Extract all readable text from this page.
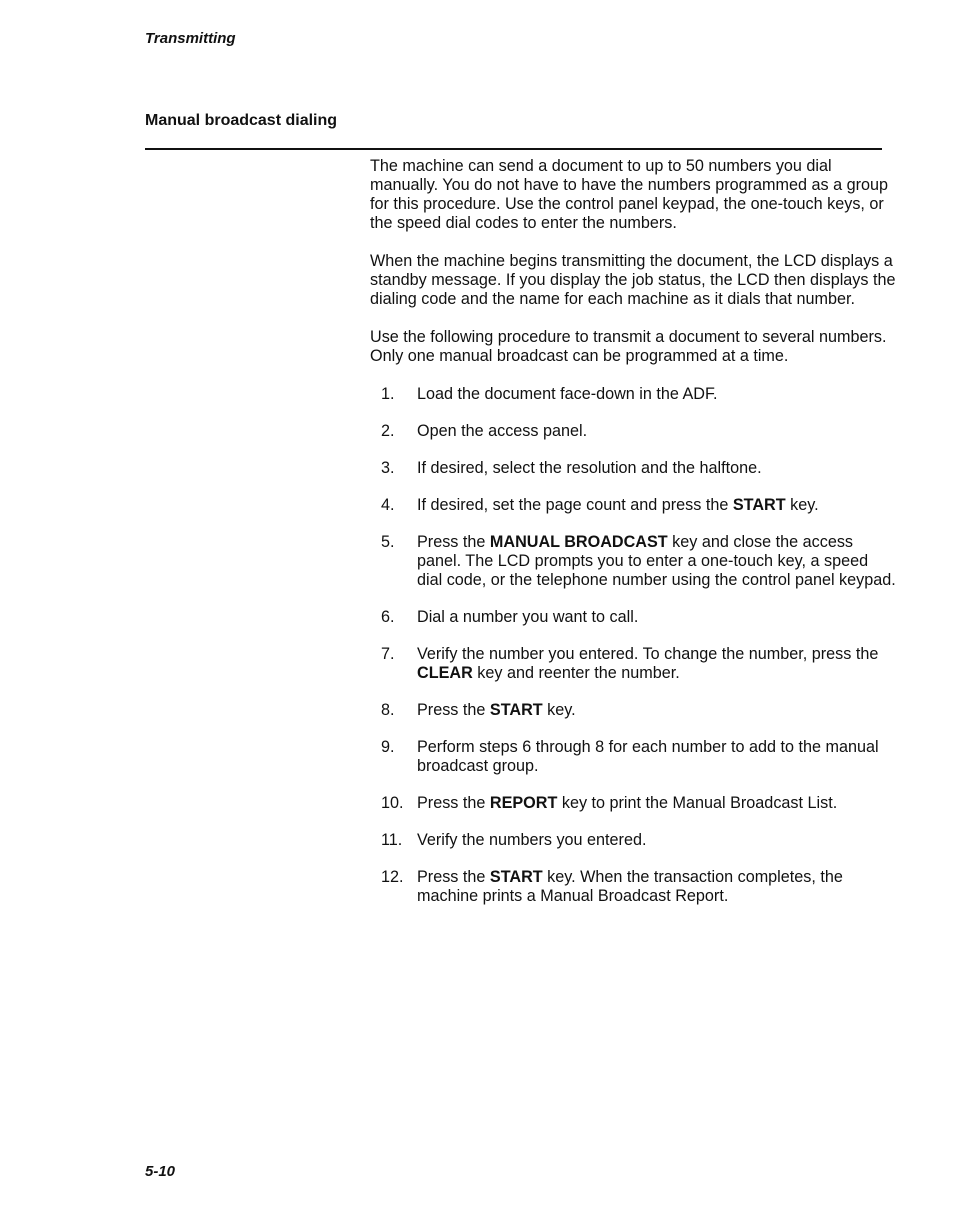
Transmitting
Manual broadcast dialing

The machine can send a document to up to 50 numbers you dial manually. You do not have to have the numbers programmed as a group for this procedure. Use the control panel keypad, the one-touch keys, or the speed dial codes to enter the numbers.

When the machine begins transmitting the document, the LCD displays a standby message. If you display the job status, the LCD then displays the dialing code and the name for each machine as it dials that number.

Use the following procedure to transmit a document to several numbers. Only one manual broadcast can be programmed at a time.

1.	Load the document face-down in the ADF.
2.	Open the access panel.
3.	If desired, select the resolution and the halftone.
4.	If desired, set the page count and press the START key.
5.	Press the MANUAL BROADCAST key and close the access panel. The LCD prompts you to enter a one-touch key, a speed dial code, or the telephone number using the control panel keypad.
6.	Dial a number you want to call.
7.	Verify the number you entered. To change the number, press the CLEAR key and reenter the number.
8.	Press the START key.
9.	Perform steps 6 through 8 for each number to add to the manual broadcast group.
10. Press the REPORT key to print the Manual Broadcast List.
11. Verify the numbers you entered.
12. Press the START key. When the transaction completes, the machine prints a Manual Broadcast Report.
5-10
